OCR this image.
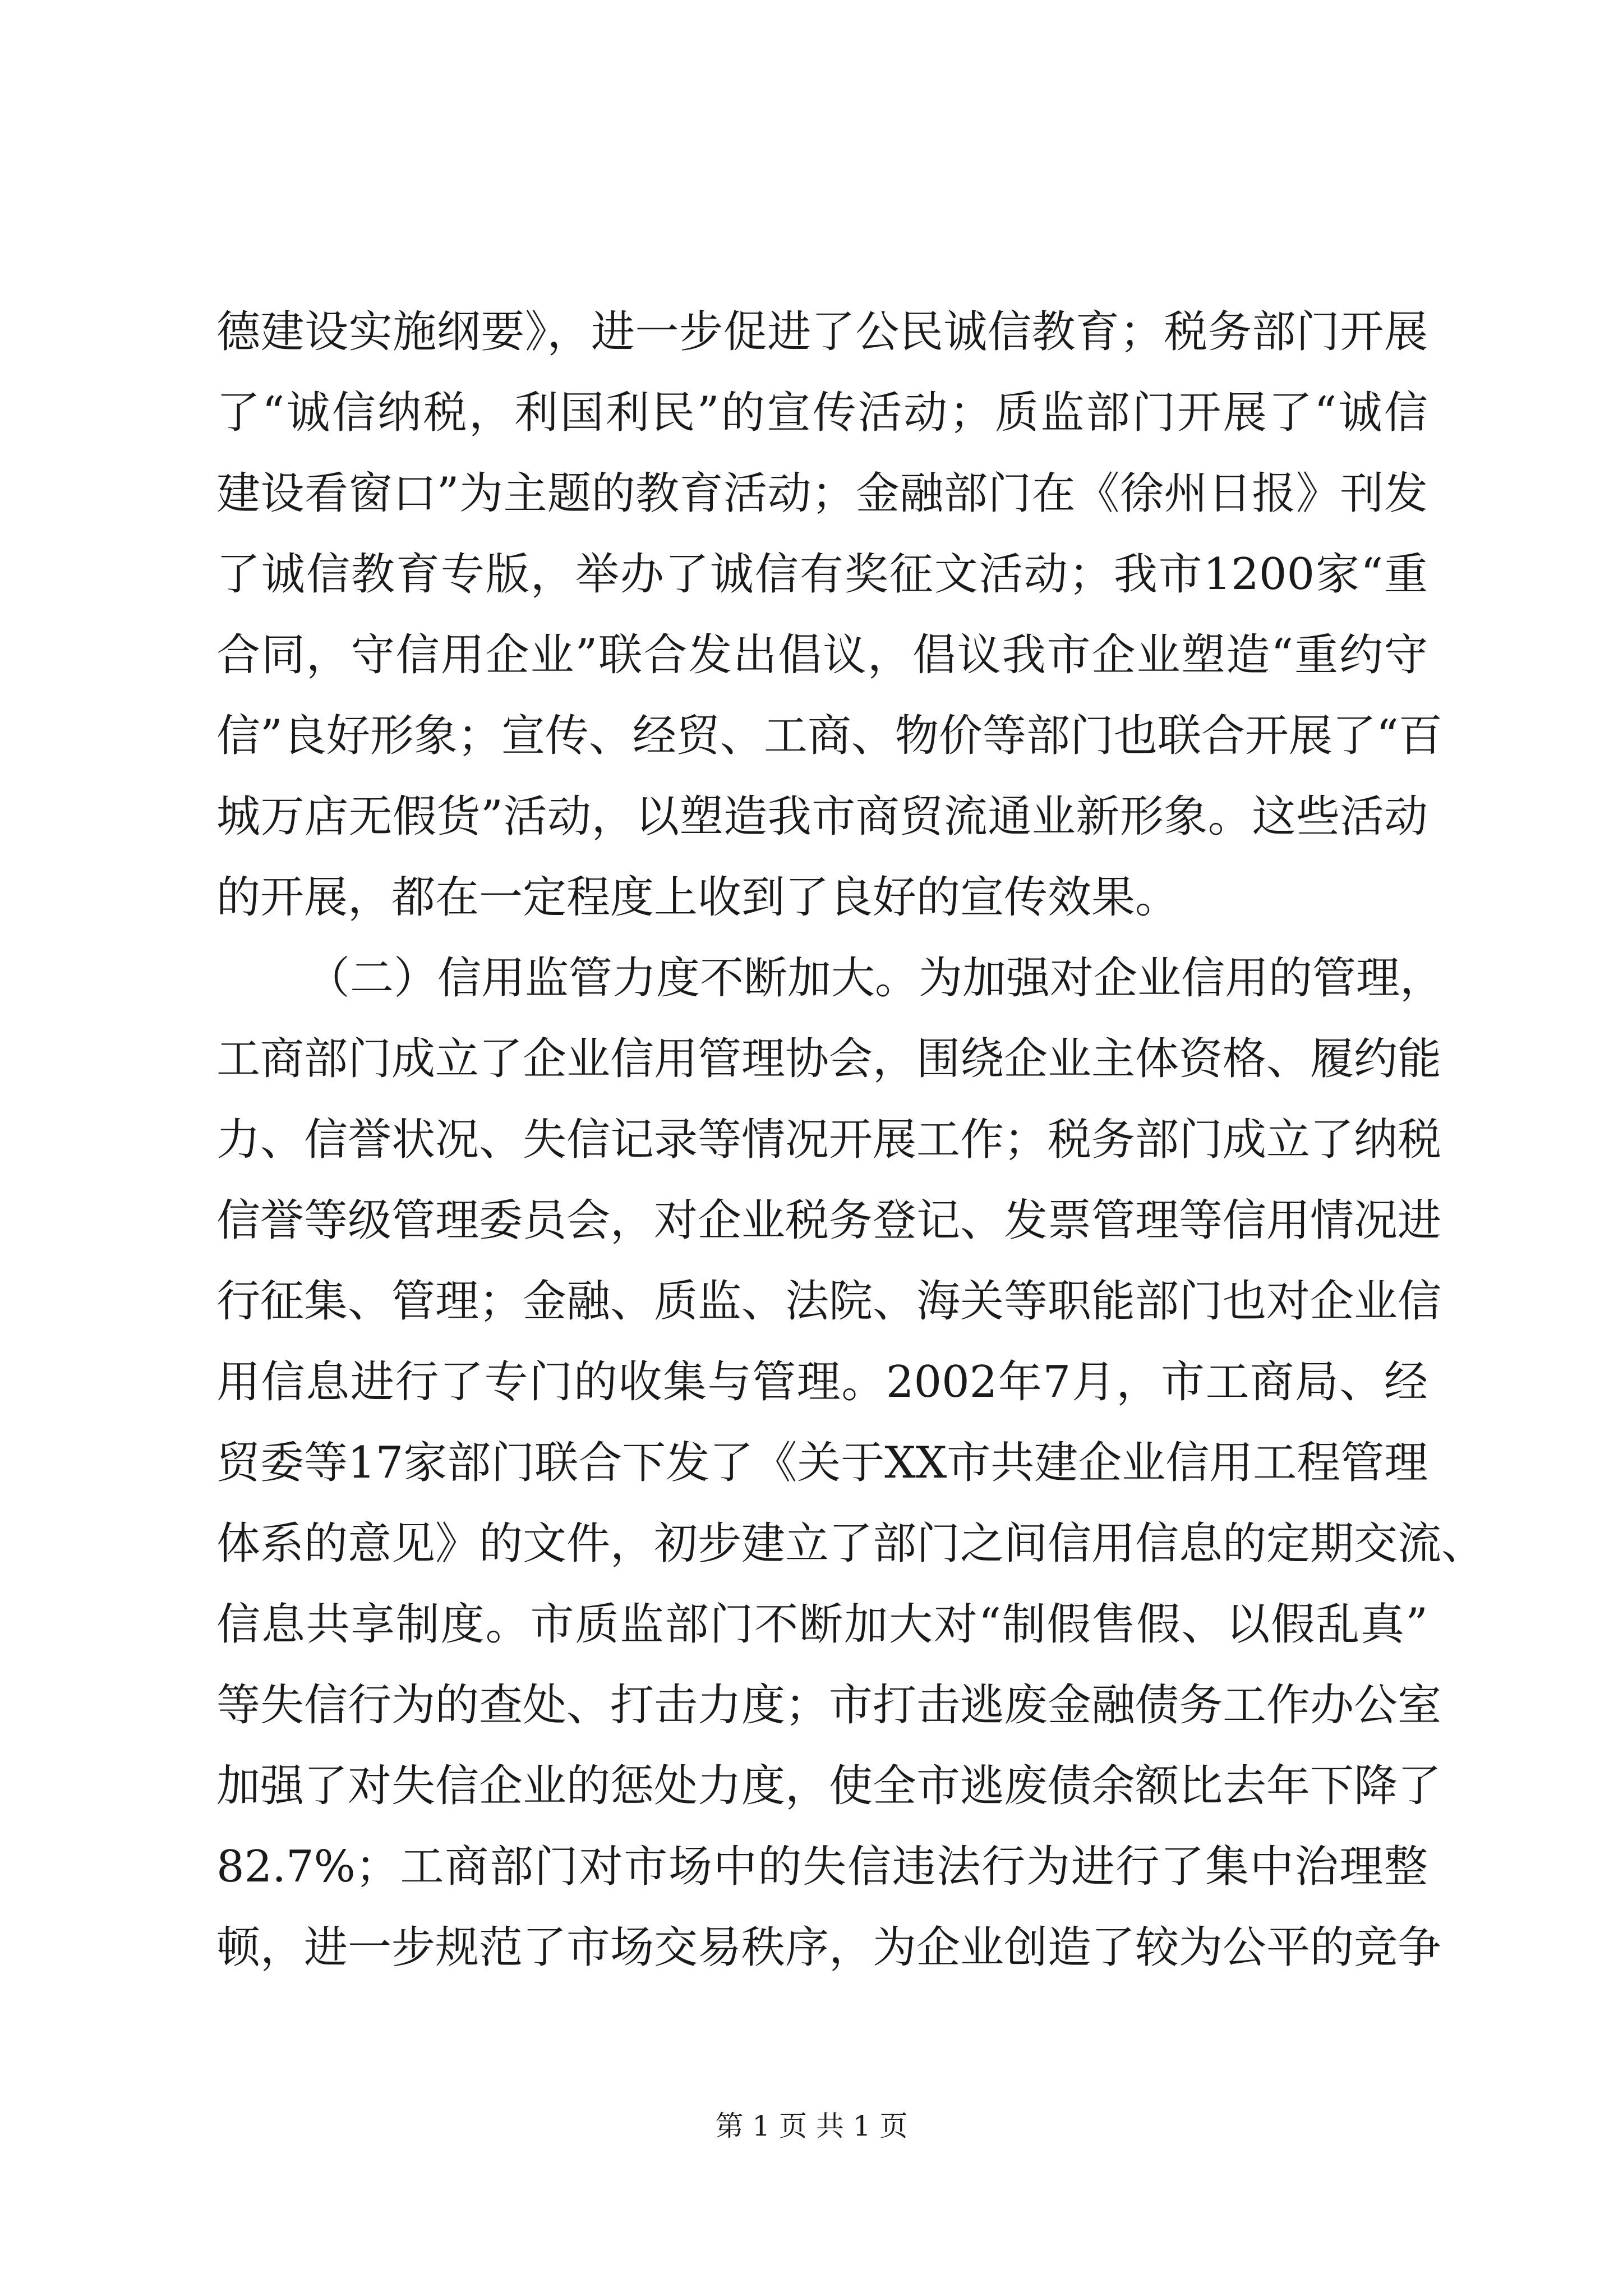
德建设实施纲要》，进一步促进了公民诚信教育；税务部门开展
了“诚信纳税，利国利民”的宣传活动；质监部门开展了“诚信
建设看窗口”为主题的教育活动；金融部门在《徐州日报》刊发
了诚信教育专版，举办了诚信有奖征文活动；我市1200家“重
合同，守信用企业”联合发出倡议，倡议我市企业塑造“重约守
信”良好形象；宣传、经贸、工商、物价等部门也联合开展了“百
城万店无假货”活动，以塑造我市商贸流通业新形象。这些活动
的开展，都在一定程度上收到了良好的宣传效果。
（二）信用监管力度不断加大。为加强对企业信用的管理，
工商部门成立了企业信用管理协会，围绕企业主体资格、履约能
力、信誉状况、失信记录等情况开展工作；税务部门成立了纳税
信誉等级管理委员会，对企业税务登记、发票管理等信用情况进
行征集、管理；金融、质监、法院、海关等职能部门也对企业信
用信息进行了专门的收集与管理。2002年7月，市工商局、经
贸委等17家部门联合下发了《关于XX市共建企业信用工程管理
体系的意见》的文件，初步建立了部门之间信用信息的定期交流、
信息共享制度。市质监部门不断加大对“制假售假、以假乱真”
等失信行为的查处、打击力度；市打击逃废金融债务工作办公室
加强了对失信企业的惩处力度，使全市逃废债余额比去年下降了
82.7%；工商部门对市场中的失信违法行为进行了集中治理整
顿，进一步规范了市场交易秩序，为企业创造了较为公平的竞争
第 1 页 共 1 页
